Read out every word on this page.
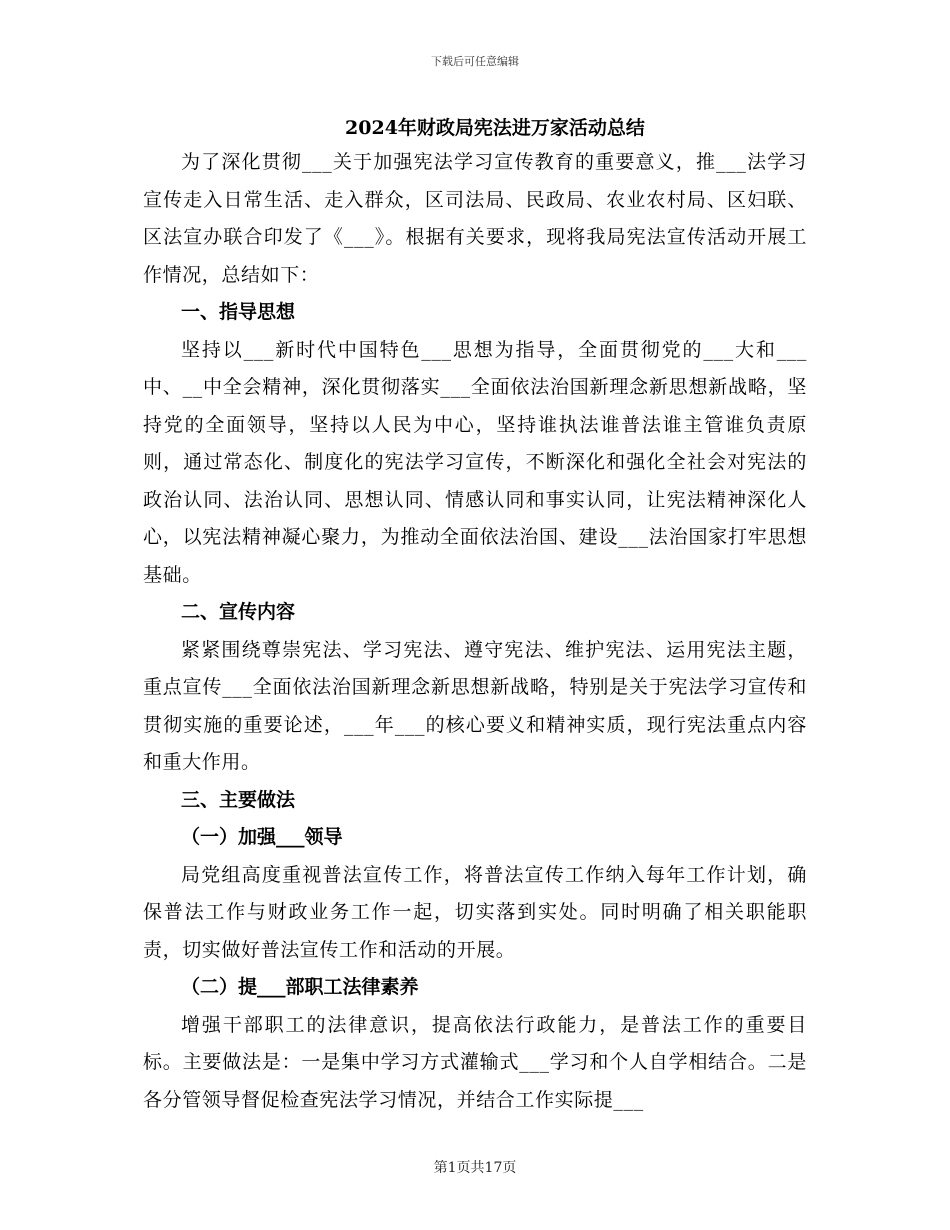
下载后可任意编辑
2024年财政局宪法进万家活动总结
为了深化贯彻___关于加强宪法学习宣传教育的重要意义，推___法学习宣传走入日常生活、走入群众，区司法局、民政局、农业农村局、区妇联、区法宣办联合印发了《___》。根据有关要求，现将我局宪法宣传活动开展工作情况，总结如下：
一、指导思想
坚持以___新时代中国特色___思想为指导，全面贯彻党的___大和___中、__中全会精神，深化贯彻落实___全面依法治国新理念新思想新战略，坚持党的全面领导，坚持以人民为中心，坚持谁执法谁普法谁主管谁负责原则，通过常态化、制度化的宪法学习宣传，不断深化和强化全社会对宪法的政治认同、法治认同、思想认同、情感认同和事实认同，让宪法精神深化人心，以宪法精神凝心聚力，为推动全面依法治国、建设___法治国家打牢思想基础。
二、宣传内容
紧紧围绕尊崇宪法、学习宪法、遵守宪法、维护宪法、运用宪法主题，重点宣传___全面依法治国新理念新思想新战略，特别是关于宪法学习宣传和贯彻实施的重要论述，___年___的核心要义和精神实质，现行宪法重点内容和重大作用。
三、主要做法
（一）加强___领导
局党组高度重视普法宣传工作，将普法宣传工作纳入每年工作计划，确保普法工作与财政业务工作一起，切实落到实处。同时明确了相关职能职责，切实做好普法宣传工作和活动的开展。
（二）提___部职工法律素养
增强干部职工的法律意识，提高依法行政能力，是普法工作的重要目标。主要做法是：一是集中学习方式灌输式___学习和个人自学相结合。二是各分管领导督促检查宪法学习情况，并结合工作实际提___
第1页共17页
